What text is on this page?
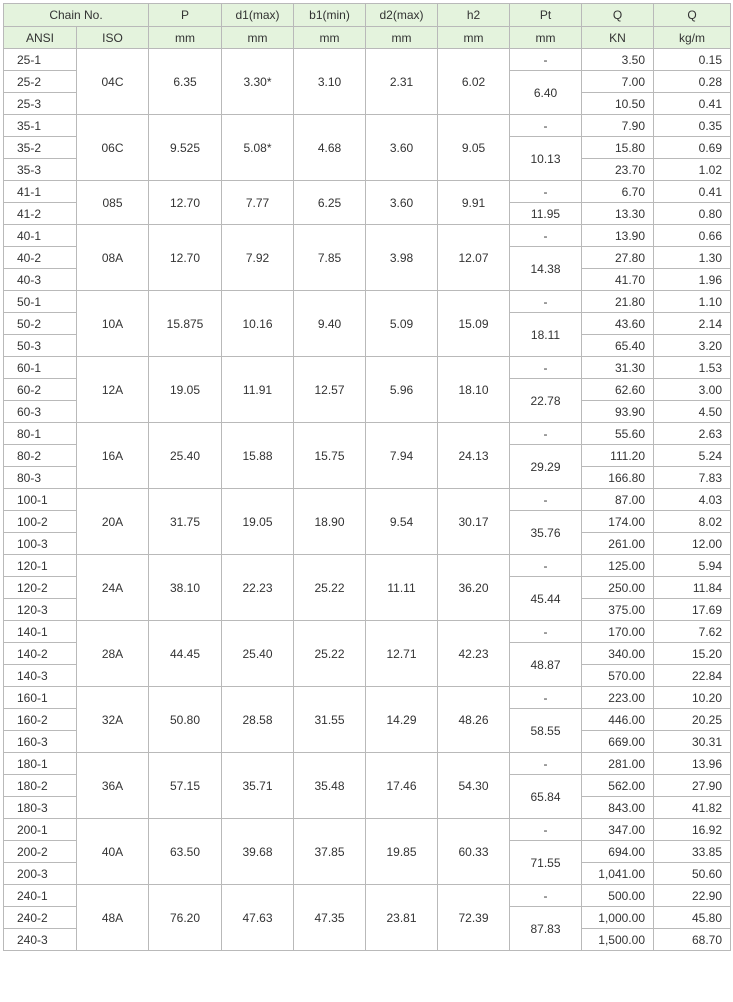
Chain No.		P	d1(max)	b1(min)	d2(max)	h2	Pt	Q	Q
ANSI	ISO	mm	mm	mm	mm	mm	mm	KN	kg/m
25-1	04C	6.35	3.30*	3.10	2.31	6.02	-	3.50	0.15
25-2							6.40	7.00	0.28
25-3								10.50	0.41
35-1	06C	9.525	5.08*	4.68	3.60	9.05	-	7.90	0.35
35-2							10.13	15.80	0.69
35-3								23.70	1.02
41-1	085	12.70	7.77	6.25	3.60	9.91	-	6.70	0.41
41-2							11.95	13.30	0.80
40-1	08A	12.70	7.92	7.85	3.98	12.07	-	13.90	0.66
40-2							14.38	27.80	1.30
40-3								41.70	1.96
50-1	10A	15.875	10.16	9.40	5.09	15.09	-	21.80	1.10
50-2							18.11	43.60	2.14
50-3								65.40	3.20
60-1	12A	19.05	11.91	12.57	5.96	18.10	-	31.30	1.53
60-2							22.78	62.60	3.00
60-3								93.90	4.50
80-1	16A	25.40	15.88	15.75	7.94	24.13	-	55.60	2.63
80-2							29.29	111.20	5.24
80-3								166.80	7.83
100-1	20A	31.75	19.05	18.90	9.54	30.17	-	87.00	4.03
100-2							35.76	174.00	8.02
100-3								261.00	12.00
120-1	24A	38.10	22.23	25.22	11.11	36.20	-	125.00	5.94
120-2							45.44	250.00	11.84
120-3								375.00	17.69
140-1	28A	44.45	25.40	25.22	12.71	42.23	-	170.00	7.62
140-2							48.87	340.00	15.20
140-3								570.00	22.84
160-1	32A	50.80	28.58	31.55	14.29	48.26	-	223.00	10.20
160-2							58.55	446.00	20.25
160-3								669.00	30.31
180-1	36A	57.15	35.71	35.48	17.46	54.30	-	281.00	13.96
180-2							65.84	562.00	27.90
180-3								843.00	41.82
200-1	40A	63.50	39.68	37.85	19.85	60.33	-	347.00	16.92
200-2							71.55	694.00	33.85
200-3								1,041.00	50.60
240-1	48A	76.20	47.63	47.35	23.81	72.39	-	500.00	22.90
240-2							87.83	1,000.00	45.80
240-3								1,500.00	68.70
